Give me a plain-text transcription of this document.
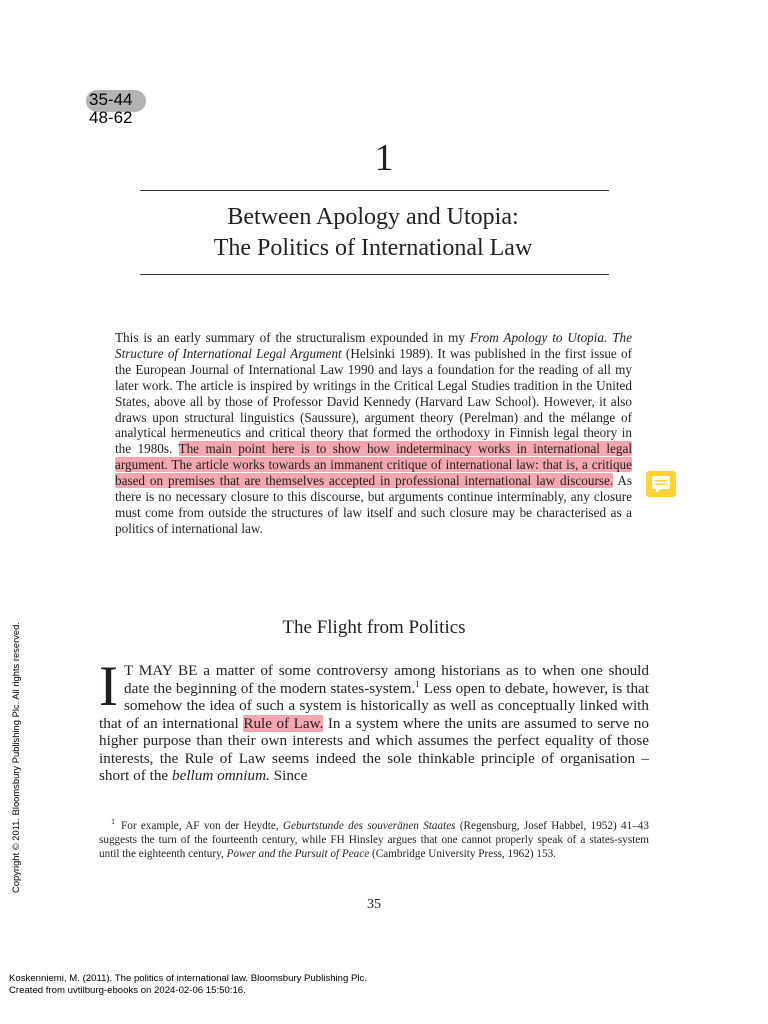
35-44
48-62
1
Between Apology and Utopia:
The Politics of International Law
This is an early summary of the structuralism expounded in my From Apology to Utopia. The Structure of International Legal Argument (Helsinki 1989). It was published in the first issue of the European Journal of International Law 1990 and lays a foundation for the reading of all my later work. The article is inspired by writings in the Critical Legal Studies tradition in the United States, above all by those of Professor David Kennedy (Harvard Law School). However, it also draws upon structural linguistics (Saussure), argument theory (Perelman) and the mélange of analytical hermeneutics and critical theory that formed the orthodoxy in Finnish legal theory in the 1980s. The main point here is to show how indeterminacy works in international legal argument. The article works towards an immanent critique of international law: that is, a critique based on premises that are themselves accepted in professional international law discourse. As there is no necessary closure to this discourse, but arguments continue interminably, any closure must come from outside the structures of law itself and such closure may be characterised as a politics of international law.
The Flight from Politics
I T MAY BE a matter of some controversy among historians as to when one should date the beginning of the modern states-system.$^1$ Less open to debate, however, is that somehow the idea of such a system is historically as well as conceptually linked with that of an international Rule of Law. In a system where the units are assumed to serve no higher purpose than their own interests and which assumes the perfect equality of those interests, the Rule of Law seems indeed the sole thinkable principle of organisation – short of the bellum omnium. Since
$^1$ For example, AF von der Heydte, Geburtstunde des souveränen Staates (Regensburg, Josef Habbel, 1952) 41–43 suggests the turn of the fourteenth century, while FH Hinsley argues that one cannot properly speak of a states-system until the eighteenth century, Power and the Pursuit of Peace (Cambridge University Press, 1962) 153.
35
Copyright © 2011. Bloomsbury Publishing Plc. All rights reserved.
Koskenniemi, M. (2011). The politics of international law. Bloomsbury Publishing Plc.
Created from uvtilburg-ebooks on 2024-02-06 15:50:16.
